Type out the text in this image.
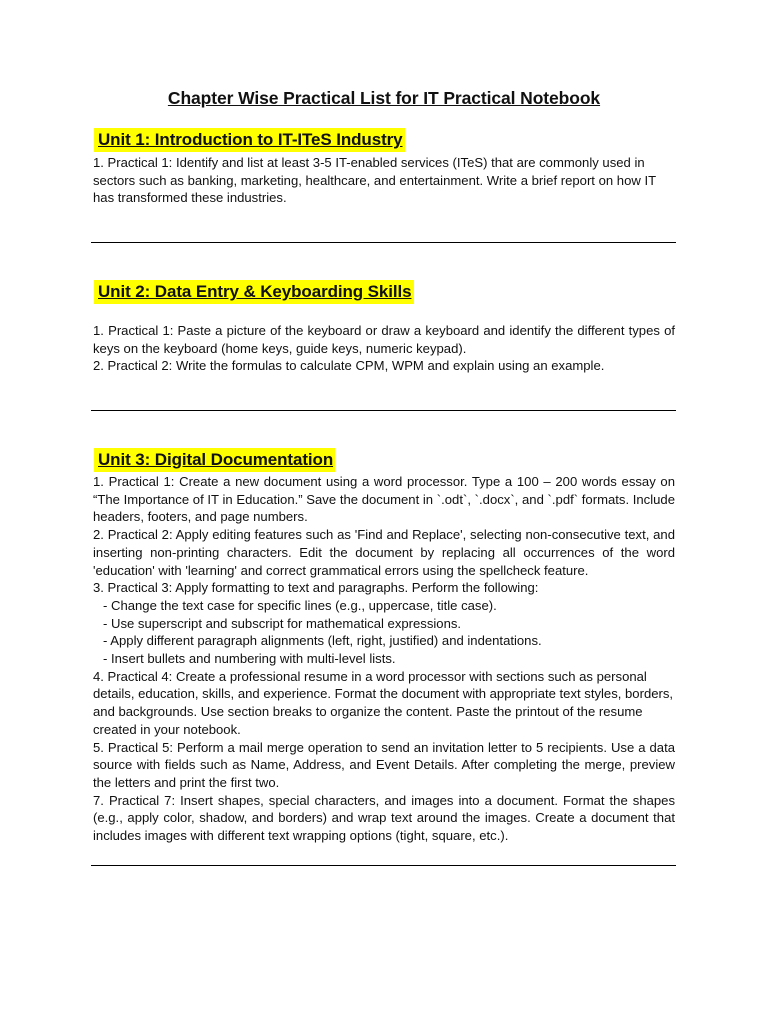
Chapter Wise Practical List for IT Practical Notebook
Unit 1: Introduction to IT-ITeS Industry

1. Practical 1: Identify and list at least 3-5 IT-enabled services (ITeS) that are commonly used in sectors such as banking, marketing, healthcare, and entertainment. Write a brief report on how IT has transformed these industries.

Unit 2: Data Entry & Keyboarding Skills

1. Practical 1: Paste a picture of the keyboard or draw a keyboard and identify the different types of keys on the keyboard (home keys, guide keys, numeric keypad).

2. Practical 2: Write the formulas to calculate CPM, WPM and explain using an example.

Unit 3: Digital Documentation

1. Practical 1: Create a new document using a word processor. Type a 100 – 200 words essay on “The Importance of IT in Education.” Save the document in `.odt`, `.docx`, and `.pdf` formats. Include headers, footers, and page numbers.

2. Practical 2: Apply editing features such as 'Find and Replace', selecting non-consecutive text, and inserting non-printing characters. Edit the document by replacing all occurrences of the word 'education' with 'learning' and correct grammatical errors using the spellcheck feature.

3. Practical 3: Apply formatting to text and paragraphs. Perform the following:

- Change the text case for specific lines (e.g., uppercase, title case).

- Use superscript and subscript for mathematical expressions.

- Apply different paragraph alignments (left, right, justified) and indentations.

- Insert bullets and numbering with multi-level lists.

4. Practical 4: Create a professional resume in a word processor with sections such as personal details, education, skills, and experience. Format the document with appropriate text styles, borders, and backgrounds. Use section breaks to organize the content. Paste the printout of the resume created in your notebook.

5. Practical 5: Perform a mail merge operation to send an invitation letter to 5 recipients. Use a data source with fields such as Name, Address, and Event Details. After completing the merge, preview the letters and print the first two.

7. Practical 7: Insert shapes, special characters, and images into a document. Format the shapes (e.g., apply color, shadow, and borders) and wrap text around the images. Create a document that includes images with different text wrapping options (tight, square, etc.).
